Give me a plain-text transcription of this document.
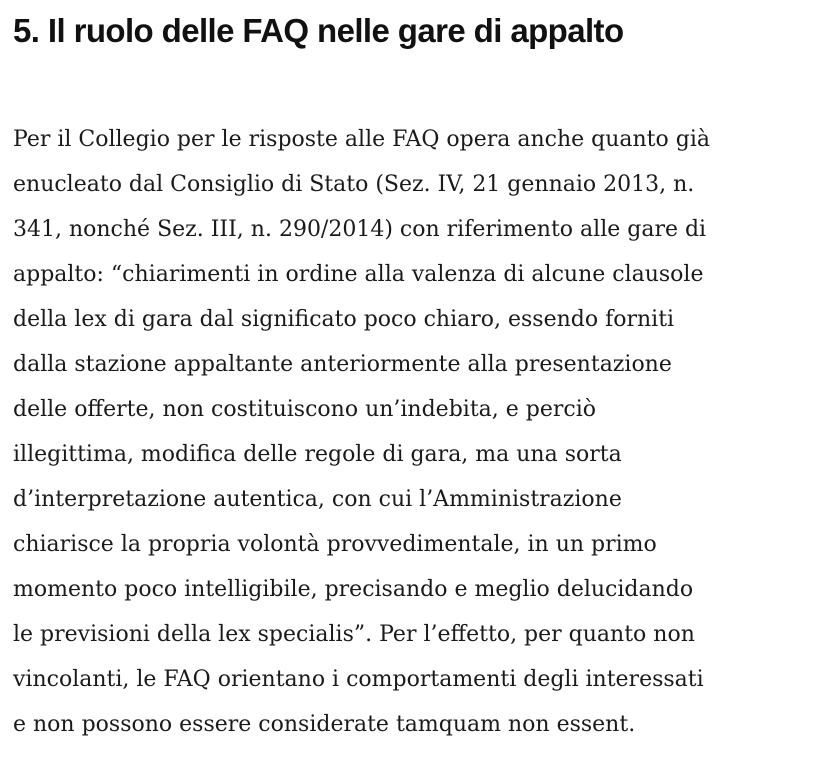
5. Il ruolo delle FAQ nelle gare di appalto

Per il Collegio per le risposte alle FAQ opera anche quanto già
enucleato dal Consiglio di Stato (Sez. IV, 21 gennaio 2013, n.
341, nonché Sez. III, n. 290/2014) con riferimento alle gare di
appalto: “chiarimenti in ordine alla valenza di alcune clausole
della lex di gara dal significato poco chiaro, essendo forniti
dalla stazione appaltante anteriormente alla presentazione
delle offerte, non costituiscono un’indebita, e perciò
illegittima, modifica delle regole di gara, ma una sorta
d’interpretazione autentica, con cui l’Amministrazione
chiarisce la propria volontà provvedimentale, in un primo
momento poco intelligibile, precisando e meglio delucidando
le previsioni della lex specialis”. Per l’effetto, per quanto non
vincolanti, le FAQ orientano i comportamenti degli interessati
e non possono essere considerate tamquam non essent.
